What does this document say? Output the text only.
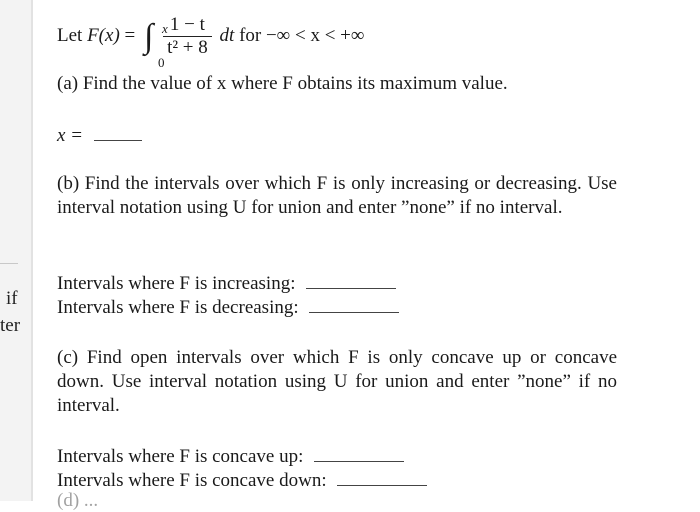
if
ter
Let F(x) = ∫ x
0

$\frac{1 - t}{\text{t² + 8}}$ dt for −∞ < x < +∞
(a) Find the value of x where F obtains its maximum value.
x =
(b) Find the intervals over which F is only increasing or decreasing. Use interval notation using U for union and enter ”none” if no interval.
Intervals where F is increasing:
Intervals where F is decreasing:
(c) Find open intervals over which F is only concave up or concave down. Use interval notation using U for union and enter ”none” if no interval.
Intervals where F is concave up:
Intervals where F is concave down:
(d) ...
